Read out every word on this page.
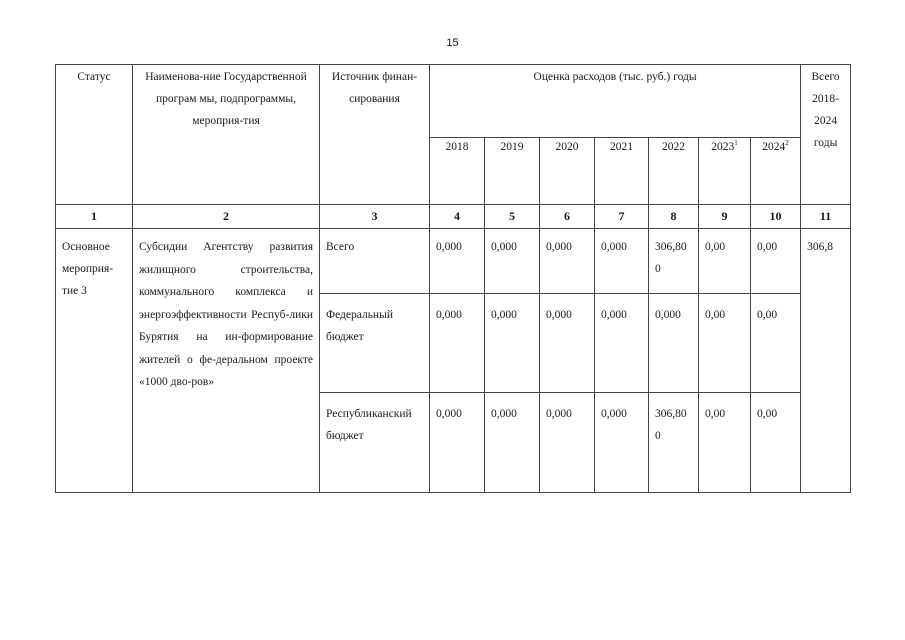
15
Статус	Наименова-ние Государственной програм мы, подпрограммы, мероприя-тия	Источник финан-сирования	Оценка расходов (тыс. руб.) годы							Всего 2018-2024 годы
			2018	2019	2020	2021	2022	2023$^1$	2024$^2$
1	2	3	4	5	6	7	8	9	10	11
Основное мероприя-тие 3	Субсидии Агентству развития жилищного строительства, коммунального комплекса и энергоэффективности Респуб-лики Бурятия на ин-формирование жителей о фе-деральном проекте «1000 дво-ров»	Всего	0,000	0,000	0,000	0,000	306,800	0,00	0,00	306,8
		Федеральный бюджет	0,000	0,000	0,000	0,000	0,000	0,00	0,00	
		Республиканский бюджет	0,000	0,000	0,000	0,000	306,800	0,00	0,00	
